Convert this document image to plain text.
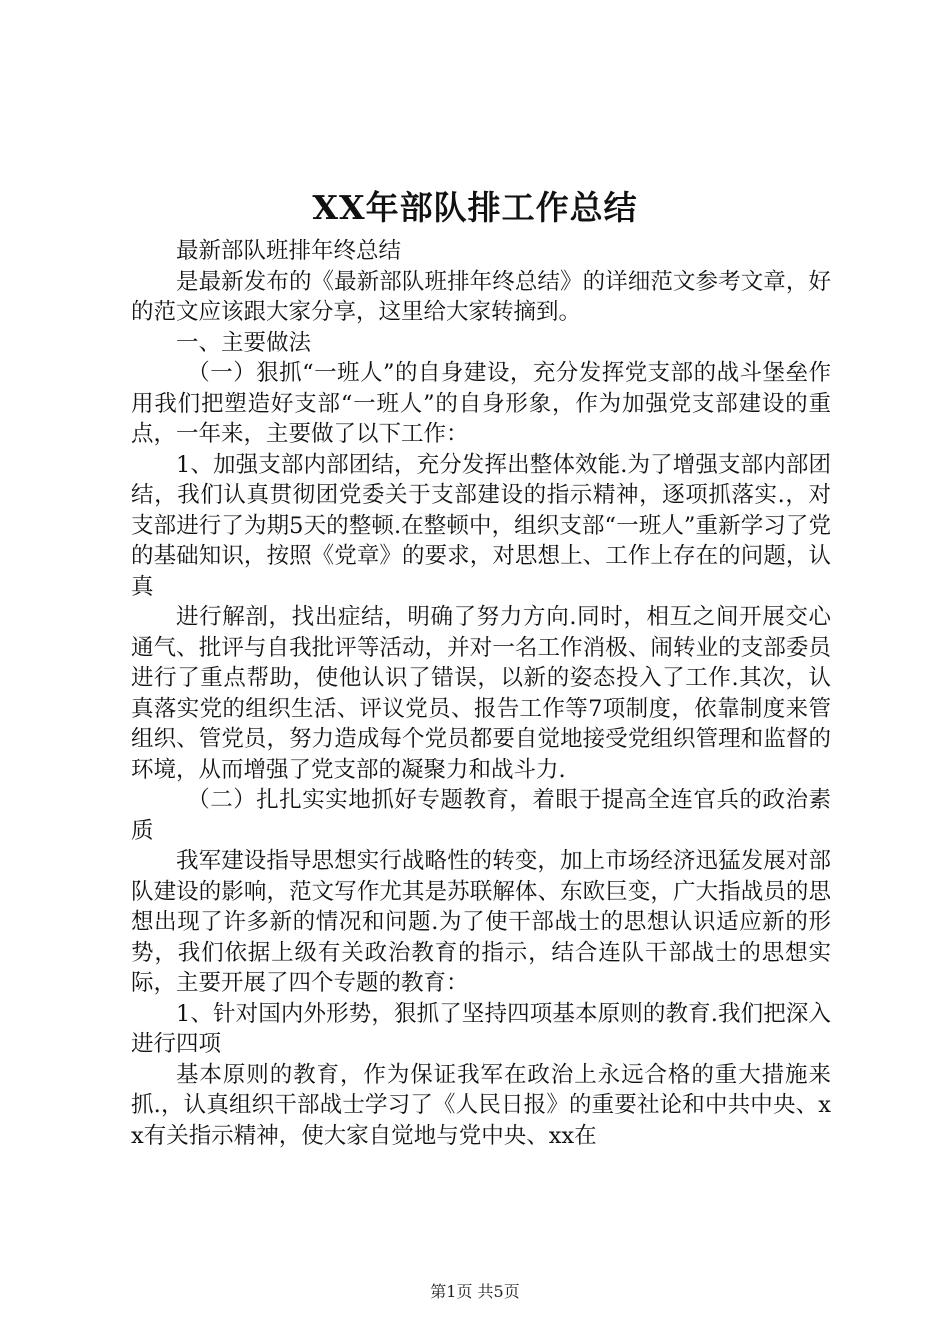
XX年部队排工作总结

最新部队班排年终总结

是最新发布的《最新部队班排年终总结》的详细范文参考文章，好的范文应该跟大家分享，这里给大家转摘到。

一、主要做法

（一）狠抓“一班人”的自身建设，充分发挥党支部的战斗堡垒作用我们把塑造好支部“一班人”的自身形象，作为加强党支部建设的重点，一年来，主要做了以下工作：

1、加强支部内部团结，充分发挥出整体效能.为了增强支部内部团结，我们认真贯彻团党委关于支部建设的指示精神，逐项抓落实.，对支部进行了为期5天的整顿.在整顿中，组织支部“一班人”重新学习了党的基础知识，按照《党章》的要求，对思想上、工作上存在的问题，认真

进行解剖，找出症结，明确了努力方向.同时，相互之间开展交心通气、批评与自我批评等活动，并对一名工作消极、闹转业的支部委员进行了重点帮助，使他认识了错误，以新的姿态投入了工作.其次，认真落实党的组织生活、评议党员、报告工作等7项制度，依靠制度来管组织、管党员，努力造成每个党员都要自觉地接受党组织管理和监督的环境，从而增强了党支部的凝聚力和战斗力.

（二）扎扎实实地抓好专题教育，着眼于提高全连官兵的政治素质

我军建设指导思想实行战略性的转变，加上市场经济迅猛发展对部队建设的影响，范文写作尤其是苏联解体、东欧巨变，广大指战员的思想出现了许多新的情况和问题.为了使干部战士的思想认识适应新的形势，我们依据上级有关政治教育的指示，结合连队干部战士的思想实际，主要开展了四个专题的教育：

1、针对国内外形势，狠抓了坚持四项基本原则的教育.我们把深入进行四项

基本原则的教育，作为保证我军在政治上永远合格的重大措施来抓.，认真组织干部战士学习了《人民日报》的重要社论和中共中央、xx有关指示精神，使大家自觉地与党中央、xx在

第1页 共5页
